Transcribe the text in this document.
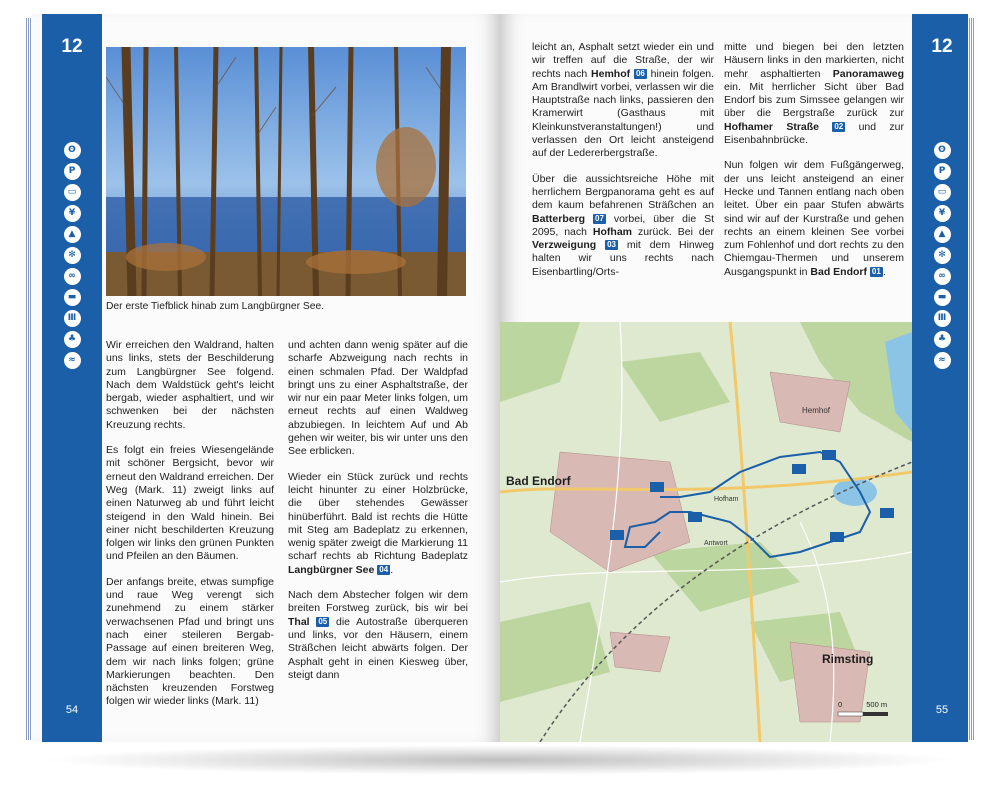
12
ʘ
P
▭
¥
▲
✻
∞
▬
Ⅲ
♣
≈
54
Der erste Tiefblick hinab zum Langbürgner See.

Wir erreichen den Waldrand, halten uns links, stets der Beschilderung zum Langbürgner See folgend. Nach dem Waldstück geht's leicht bergab, wieder asphaltiert, und wir schwenken bei der nächsten Kreuzung rechts.

Es folgt ein freies Wiesengelände mit schöner Bergsicht, bevor wir erneut den Waldrand erreichen. Der Weg (Mark. 11) zweigt links auf einen Naturweg ab und führt leicht steigend in den Wald hinein. Bei einer nicht beschilderten Kreuzung folgen wir links den grünen Punkten und Pfeilen an den Bäumen.

Der anfangs breite, etwas sumpfige und raue Weg verengt sich zunehmend zu einem stärker verwachsenen Pfad und bringt uns nach einer steileren Bergab-Passage auf einen breiteren Weg, dem wir nach links folgen; grüne Markierungen beachten. Den nächsten kreuzenden Forstweg folgen wir wieder links (Mark. 11)

und achten dann wenig später auf die scharfe Abzweigung nach rechts in einen schmalen Pfad. Der Waldpfad bringt uns zu einer Asphaltstraße, der wir nur ein paar Meter links folgen, um erneut rechts auf einen Waldweg abzubiegen. In leichtem Auf und Ab gehen wir weiter, bis wir unter uns den See erblicken.

Wieder ein Stück zurück und rechts leicht hinunter zu einer Holzbrücke, die über stehendes Gewässer hinüberführt. Bald ist rechts die Hütte mit Steg am Badeplatz zu erkennen, wenig später zweigt die Markierung 11 scharf rechts ab Richtung Badeplatz Langbürgner See 04 .

Nach dem Abstecher folgen wir dem breiten Forstweg zurück, bis wir bei Thal 05 die Autostraße überqueren und links, vor den Häusern, einem Sträßchen leicht abwärts folgen. Der Asphalt geht in einen Kiesweg über, steigt dann

leicht an, Asphalt setzt wieder ein und wir treffen auf die Straße, der wir rechts nach Hemhof 06 hinein folgen. Am Brandlwirt vorbei, verlassen wir die Hauptstraße nach links, passieren den Kramerwirt (Gasthaus mit Kleinkunstveranstaltungen!) und verlassen den Ort leicht ansteigend auf der Ledererbergstraße.

Über die aussichtsreiche Höhe mit herrlichem Bergpanorama geht es auf dem kaum befahrenen Sträßchen an Batterberg 07 vorbei, über die St 2095, nach Hofham zurück. Bei der Verzweigung 03 mit dem Hinweg halten wir uns rechts nach Eisenbartling/Orts-

mitte und biegen bei den letzten Häusern links in den markierten, nicht mehr asphaltierten Panoramaweg ein. Mit herrlicher Sicht über Bad Endorf bis zum Simssee gelangen wir über die Bergstraße zurück zur Hofhamer Straße 02 und zur Eisenbahnbrücke.

Nun folgen wir dem Fußgängerweg, der uns leicht ansteigend an einer Hecke und Tannen entlang nach oben leitet. Über ein paar Stufen abwärts sind wir auf der Kurstraße und gehen rechts an einem kleinen See vorbei zum Fohlenhof und dort rechts zu den Chiemgau-Thermen und unserem Ausgangspunkt in Bad Endorf 01 .

Bad Endorf
Rimsting
Hemhof
Hofham
Antwort
0	500 m
12
ʘ
P
▭
¥
▲
✻
∞
▬
Ⅲ
♣
≈
55
